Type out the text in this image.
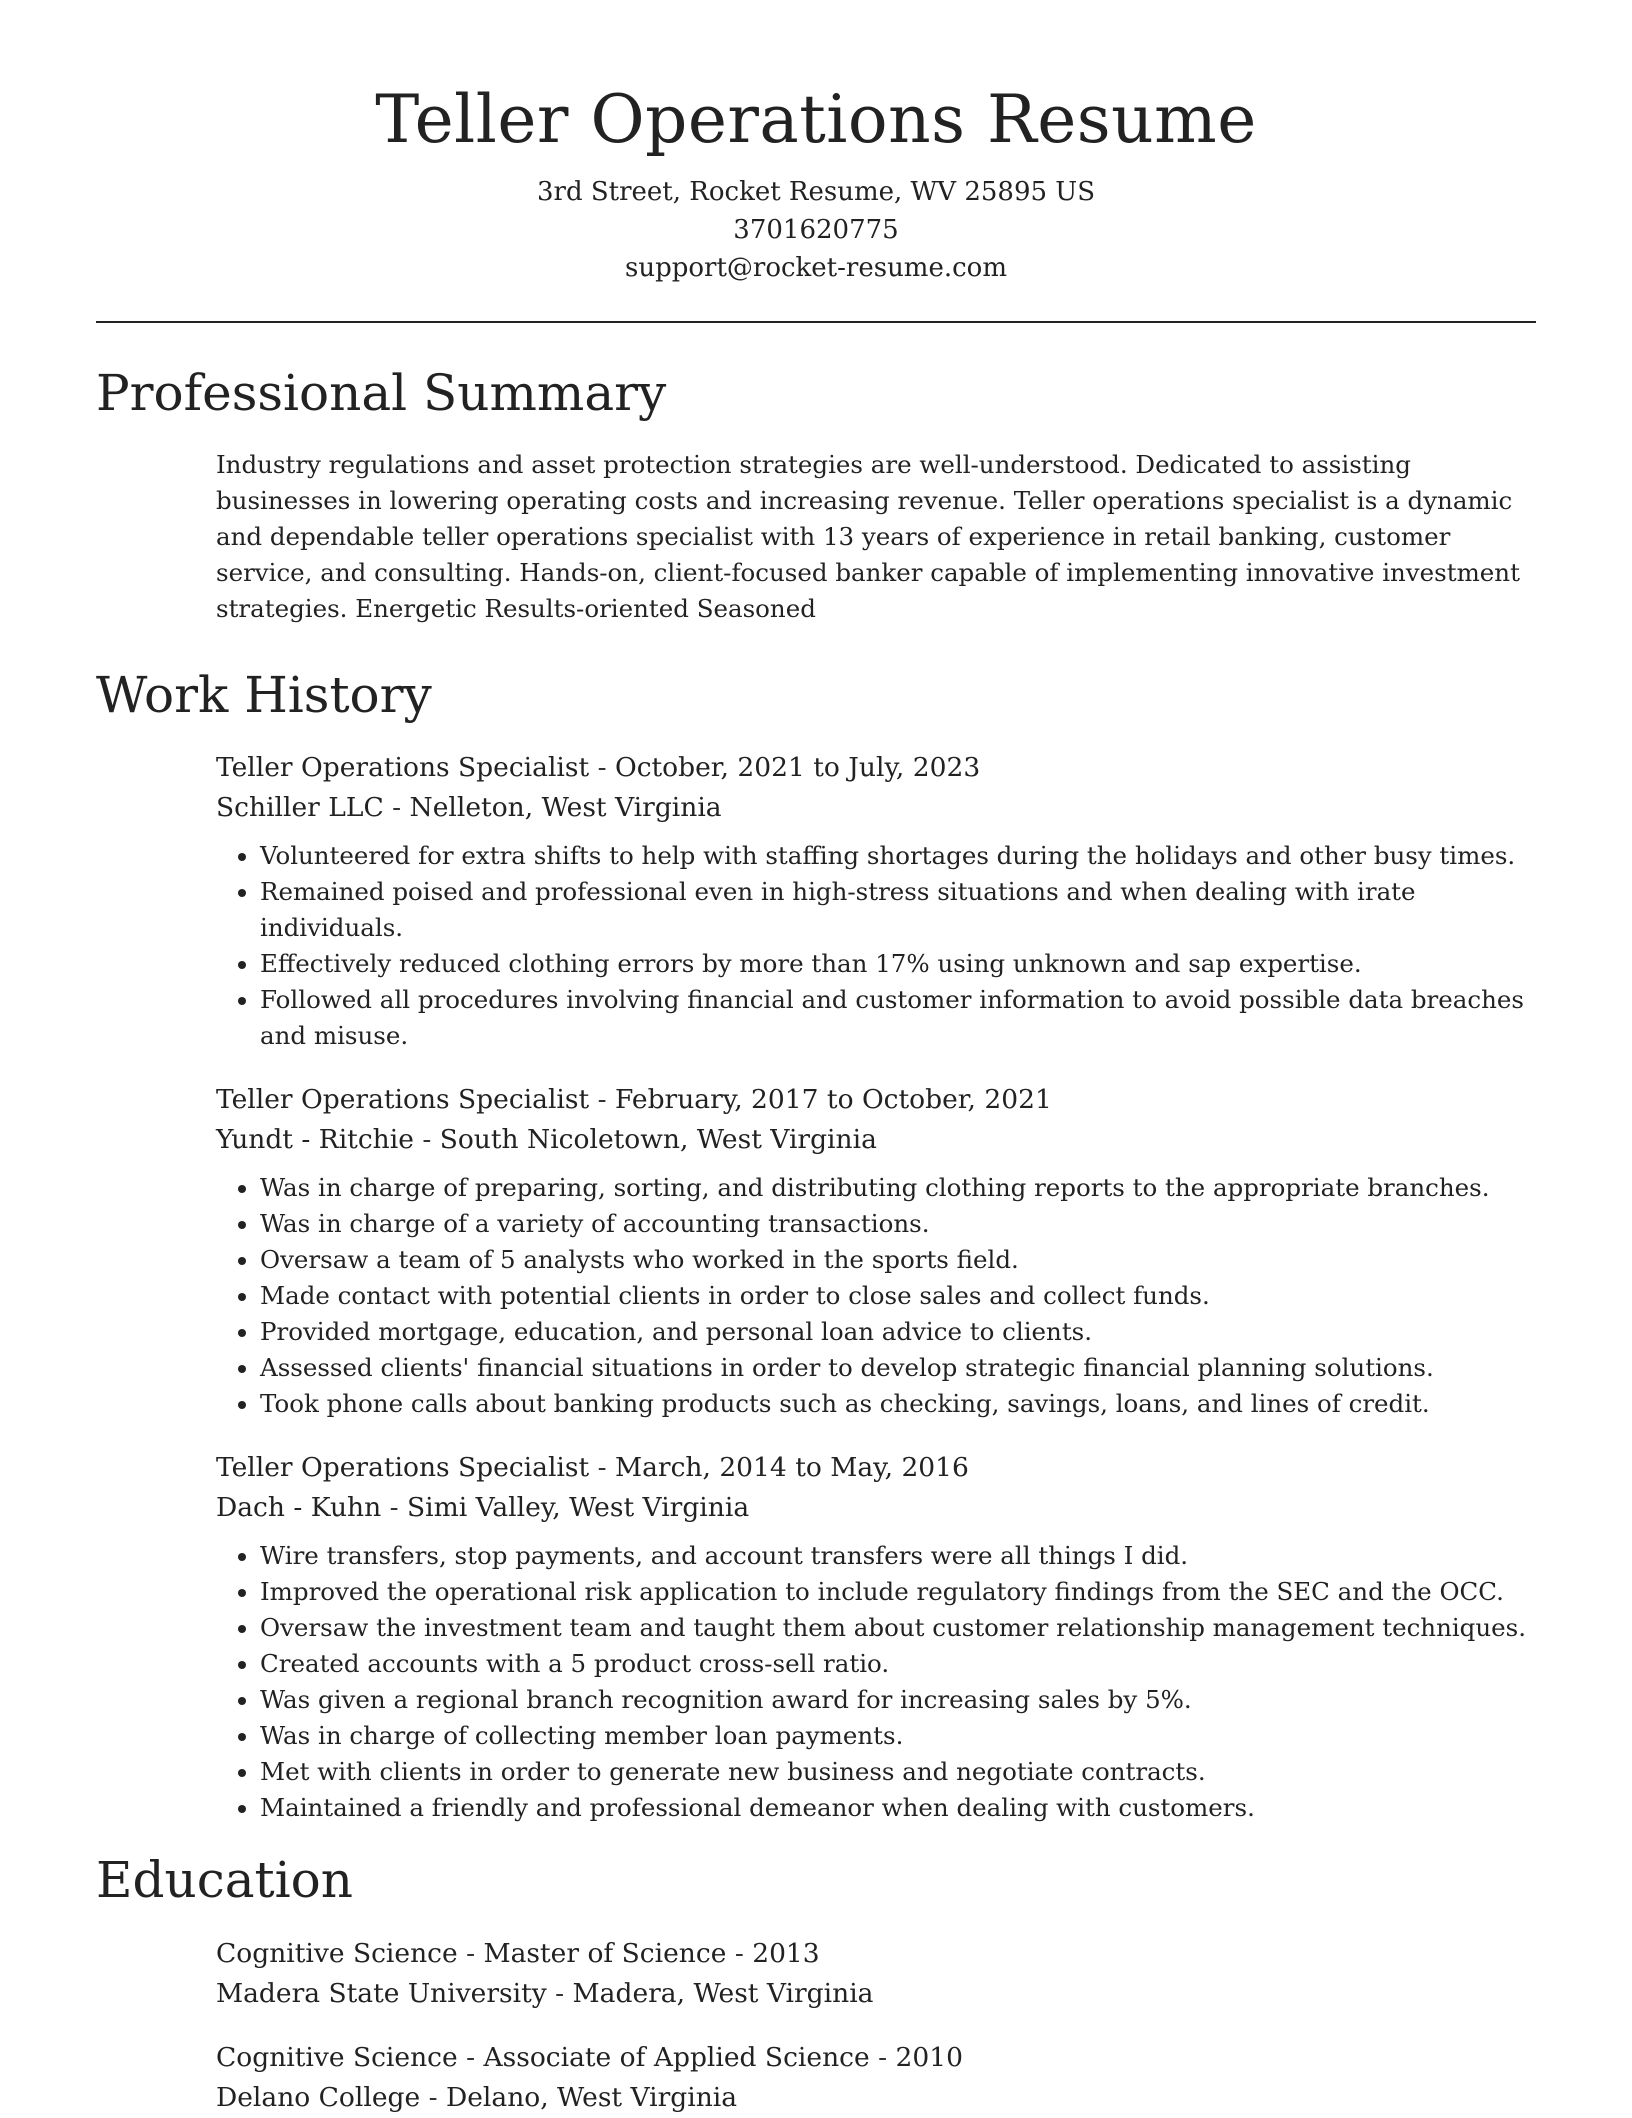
Teller Operations Resume
3rd Street, Rocket Resume, WV 25895 US
3701620775
support@rocket-resume.com
Professional Summary

Industry regulations and asset protection strategies are well-understood. Dedicated to assisting businesses in lowering operating costs and increasing revenue. Teller operations specialist is a dynamic and dependable teller operations specialist with 13 years of experience in retail banking, customer service, and consulting. Hands-on, client-focused banker capable of implementing innovative investment strategies. Energetic Results-oriented Seasoned

Work History
Teller Operations Specialist - October, 2021 to July, 2023
Schiller LLC - Nelleton, West Virginia
• Volunteered for extra shifts to help with staffing shortages during the holidays and other busy times.
• Remained poised and professional even in high-stress situations and when dealing with irate individuals.
• Effectively reduced clothing errors by more than 17% using unknown and sap expertise.
• Followed all procedures involving financial and customer information to avoid possible data breaches and misuse.
Teller Operations Specialist - February, 2017 to October, 2021
Yundt - Ritchie - South Nicoletown, West Virginia
• Was in charge of preparing, sorting, and distributing clothing reports to the appropriate branches.
• Was in charge of a variety of accounting transactions.
• Oversaw a team of 5 analysts who worked in the sports field.
• Made contact with potential clients in order to close sales and collect funds.
• Provided mortgage, education, and personal loan advice to clients.
• Assessed clients' financial situations in order to develop strategic financial planning solutions.
• Took phone calls about banking products such as checking, savings, loans, and lines of credit.
Teller Operations Specialist - March, 2014 to May, 2016
Dach - Kuhn - Simi Valley, West Virginia
• Wire transfers, stop payments, and account transfers were all things I did.
• Improved the operational risk application to include regulatory findings from the SEC and the OCC.
• Oversaw the investment team and taught them about customer relationship management techniques.
• Created accounts with a 5 product cross-sell ratio.
• Was given a regional branch recognition award for increasing sales by 5%.
• Was in charge of collecting member loan payments.
• Met with clients in order to generate new business and negotiate contracts.
• Maintained a friendly and professional demeanor when dealing with customers.
Education
Cognitive Science - Master of Science - 2013
Madera State University - Madera, West Virginia
Cognitive Science - Associate of Applied Science - 2010
Delano College - Delano, West Virginia
